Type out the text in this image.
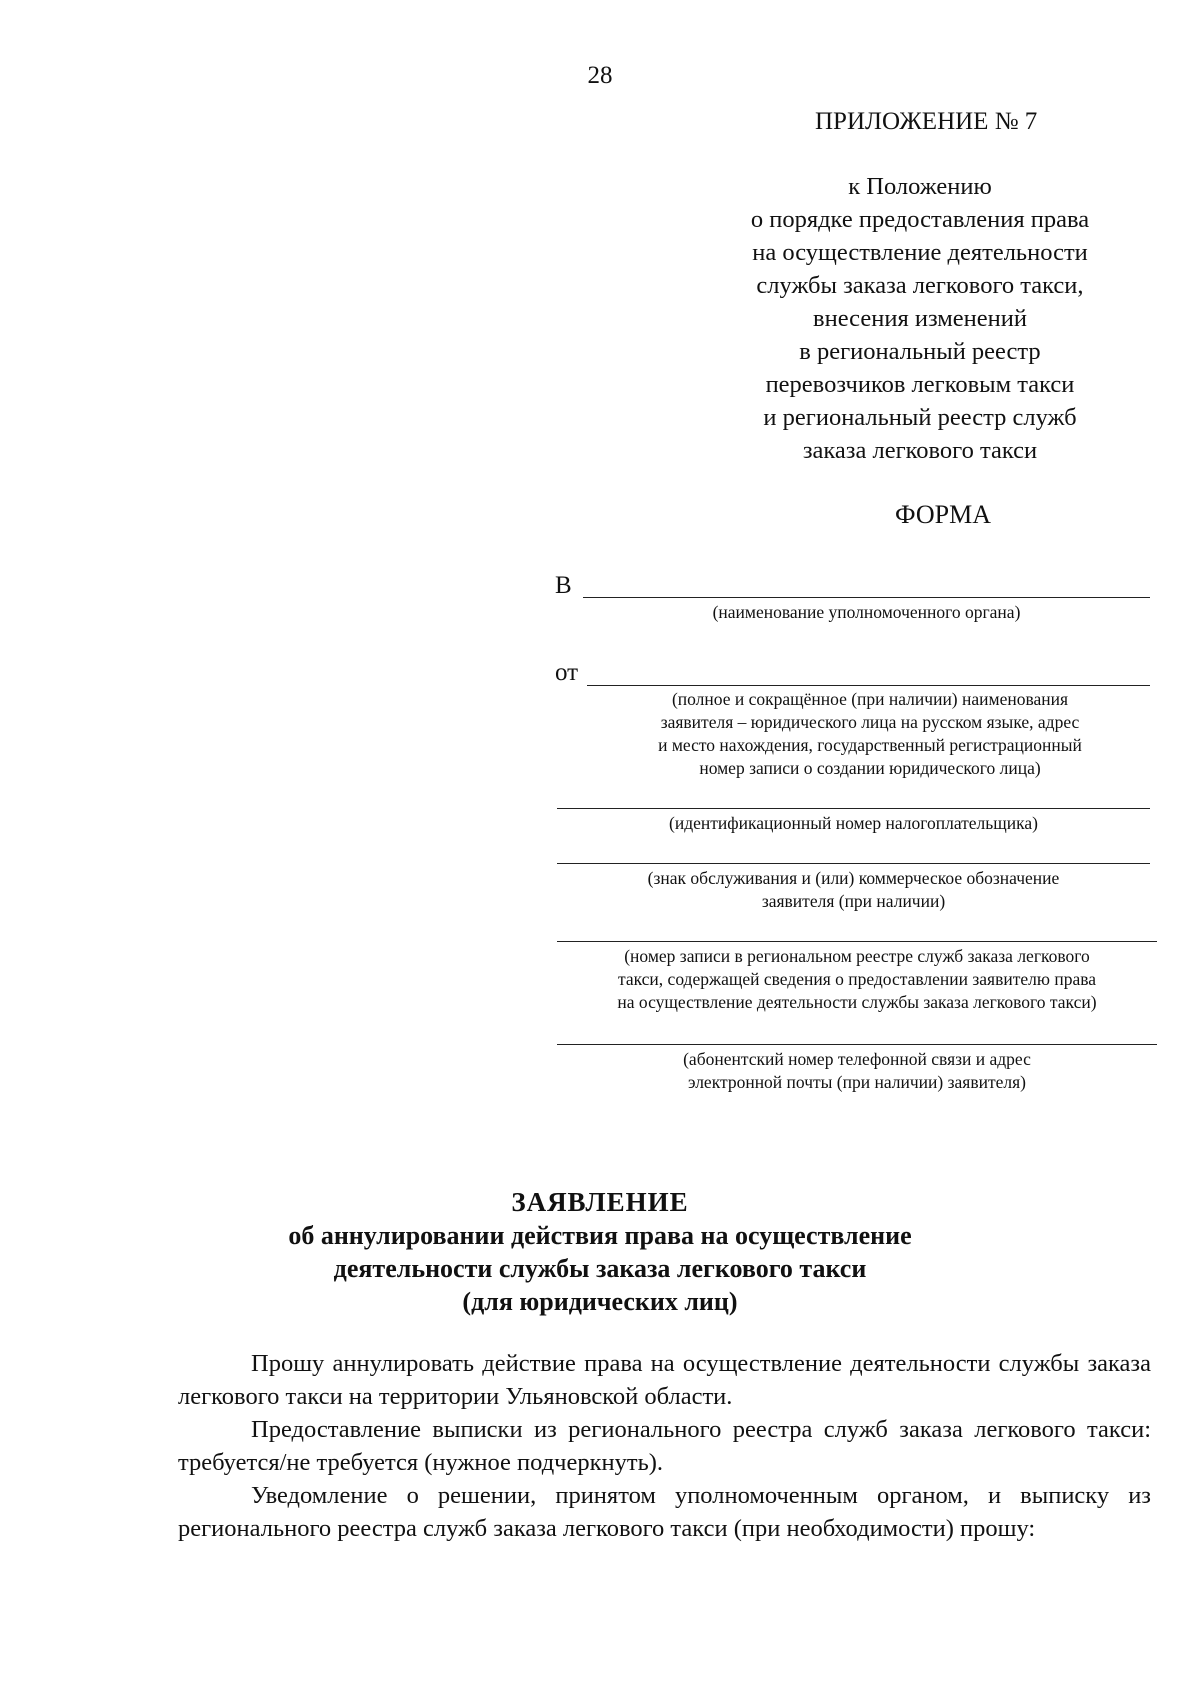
28
ПРИЛОЖЕНИЕ № 7
к Положению
о порядке предоставления права
на осуществление деятельности
службы заказа легкового такси,
внесения изменений
в региональный реестр
перевозчиков легковым такси
и региональный реестр служб
заказа легкового такси
ФОРМА
В
(наименование уполномоченного органа)
от
(полное и сокращённое (при наличии) наименования
заявителя – юридического лица на русском языке, адрес
и место нахождения, государственный регистрационный
номер записи о создании юридического лица)
(идентификационный номер налогоплательщика)
(знак обслуживания и (или) коммерческое обозначение
заявителя (при наличии)
(номер записи в региональном реестре служб заказа легкового
такси, содержащей сведения о предоставлении заявителю права
на осуществление деятельности службы заказа легкового такси)
(абонентский номер телефонной связи и адрес
электронной почты (при наличии) заявителя)
ЗАЯВЛЕНИЕ
об аннулировании действия права на осуществление
деятельности службы заказа легкового такси
(для юридических лиц)
Прошу аннулировать действие права на осуществление деятельности службы заказа легкового такси на территории Ульяновской области.
Предоставление выписки из регионального реестра служб заказа легкового такси: требуется/не требуется (нужное подчеркнуть).
Уведомление о решении, принятом уполномоченным органом, и выписку из регионального реестра служб заказа легкового такси (при необходимости) прошу:
